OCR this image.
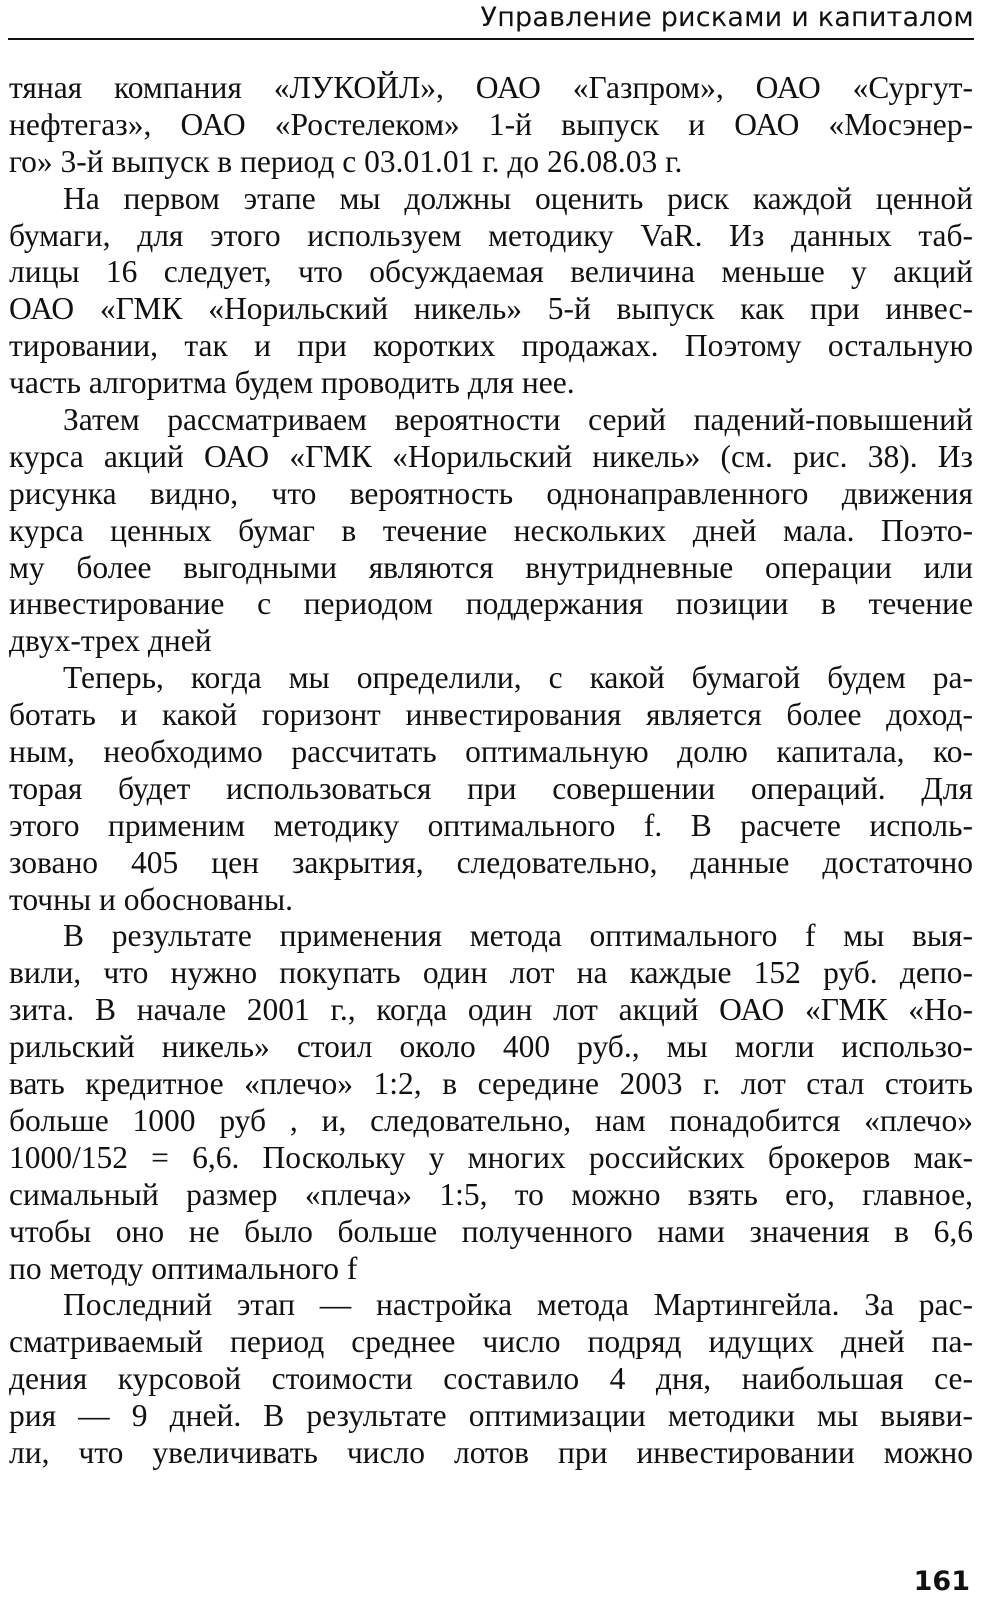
Управление рисками и капиталом
тяная компания «ЛУКОЙЛ», ОАО «Газпром», ОАО «Сургут-
нефтегаз», ОАО «Ростелеком» 1-й выпуск и ОАО «Мосэнер-
го» 3-й выпуск в период с 03.01.01 г. до 26.08.03 г.
На первом этапе мы должны оценить риск каждой ценной
бумаги, для этого используем методику VaR. Из данных таб-
лицы 16 следует, что обсуждаемая величина меньше у акций
ОАО «ГМК «Норильский никель» 5-й выпуск как при инвес-
тировании, так и при коротких продажах. Поэтому остальную
часть алгоритма будем проводить для нее.
Затем рассматриваем вероятности серий падений-повышений
курса акций ОАО «ГМК «Норильский никель» (см. рис. 38). Из
рисунка видно, что вероятность однонаправленного движения
курса ценных бумаг в течение нескольких дней мала. Поэто-
му более выгодными являются внутридневные операции или
инвестирование с периодом поддержания позиции в течение
двух-трех дней
Теперь, когда мы определили, с какой бумагой будем ра-
ботать и какой горизонт инвестирования является более доход-
ным, необходимо рассчитать оптимальную долю капитала, ко-
торая будет использоваться при совершении операций. Для
этого применим методику оптимального f. В расчете исполь-
зовано 405 цен закрытия, следовательно, данные достаточно
точны и обоснованы.
В результате применения метода оптимального f мы выя-
вили, что нужно покупать один лот на каждые 152 руб. депо-
зита. В начале 2001 г., когда один лот акций ОАО «ГМК «Но-
рильский никель» стоил около 400 руб., мы могли использо-
вать кредитное «плечо» 1:2, в середине 2003 г. лот стал стоить
больше 1000 руб , и, следовательно, нам понадобится «плечо»
1000/152 = 6,6. Поскольку у многих российских брокеров мак-
симальный размер «плеча» 1:5, то можно взять его, главное,
чтобы оно не было больше полученного нами значения в 6,6
по методу оптимального f
Последний этап — настройка метода Мартингейла. За рас-
сматриваемый период среднее число подряд идущих дней па-
дения курсовой стоимости составило 4 дня, наибольшая се-
рия — 9 дней. В результате оптимизации методики мы выяви-
ли, что увеличивать число лотов при инвестировании можно
161
